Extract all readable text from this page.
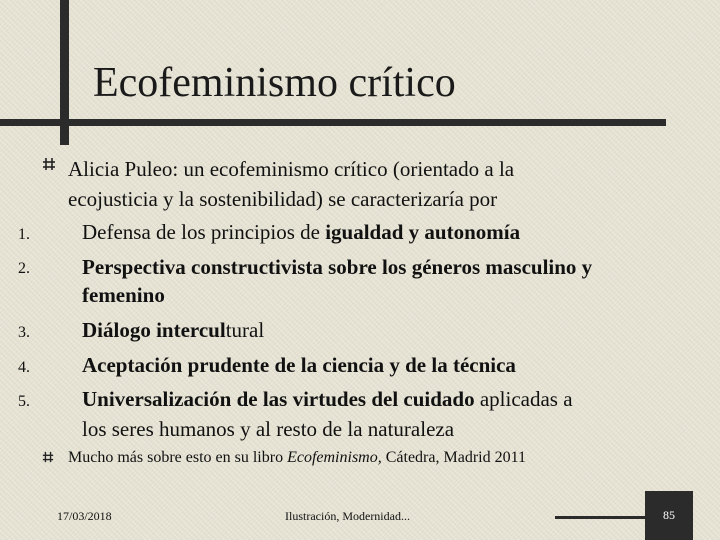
Ecofeminismo crítico
Alicia Puleo: un ecofeminismo crítico (orientado a la
ecojusticia y la sostenibilidad) se caracterizaría por
1. Defensa de los principios de igualdad y autonomía
2. Perspectiva constructivista sobre los géneros masculino y
femenino
3. Diálogo intercultural
4. Aceptación prudente de la ciencia y de la técnica
5. Universalización de las virtudes del cuidado aplicadas a
los seres humanos y al resto de la naturaleza
Mucho más sobre esto en su libro Ecofeminismo, Cátedra, Madrid 2011
17/03/2018	Ilustración, Modernidad...	85
